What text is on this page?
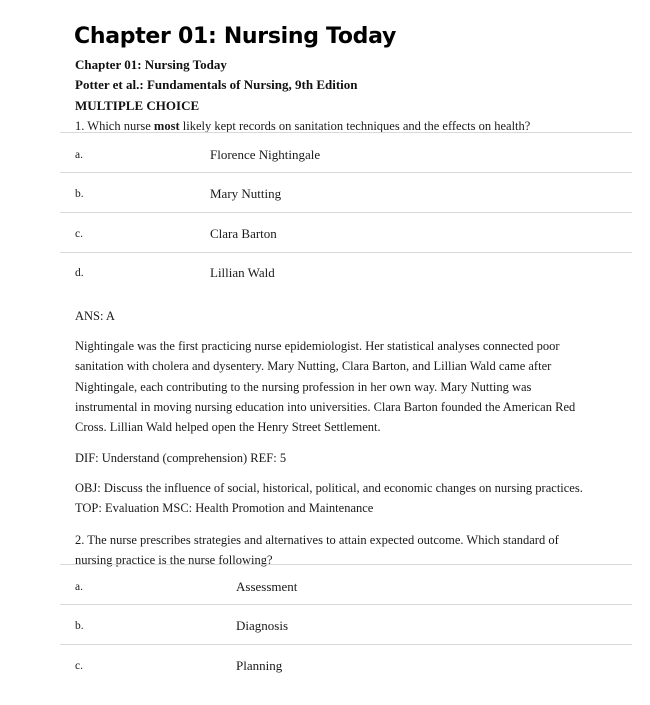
Chapter 01: Nursing Today
Chapter 01: Nursing Today
Potter et al.: Fundamentals of Nursing, 9th Edition
MULTIPLE CHOICE
1. Which nurse most likely kept records on sanitation techniques and the effects on health?
a.	Florence Nightingale
b.	Mary Nutting
c.	Clara Barton
d.	Lillian Wald
ANS: A
Nightingale was the first practicing nurse epidemiologist. Her statistical analyses connected poor
sanitation with cholera and dysentery. Mary Nutting, Clara Barton, and Lillian Wald came after
Nightingale, each contributing to the nursing profession in her own way. Mary Nutting was
instrumental in moving nursing education into universities. Clara Barton founded the American Red
Cross. Lillian Wald helped open the Henry Street Settlement.
DIF: Understand (comprehension) REF: 5
OBJ: Discuss the influence of social, historical, political, and economic changes on nursing practices.
TOP: Evaluation MSC: Health Promotion and Maintenance
2. The nurse prescribes strategies and alternatives to attain expected outcome. Which standard of
nursing practice is the nurse following?
a.	Assessment
b.	Diagnosis
c.	Planning
